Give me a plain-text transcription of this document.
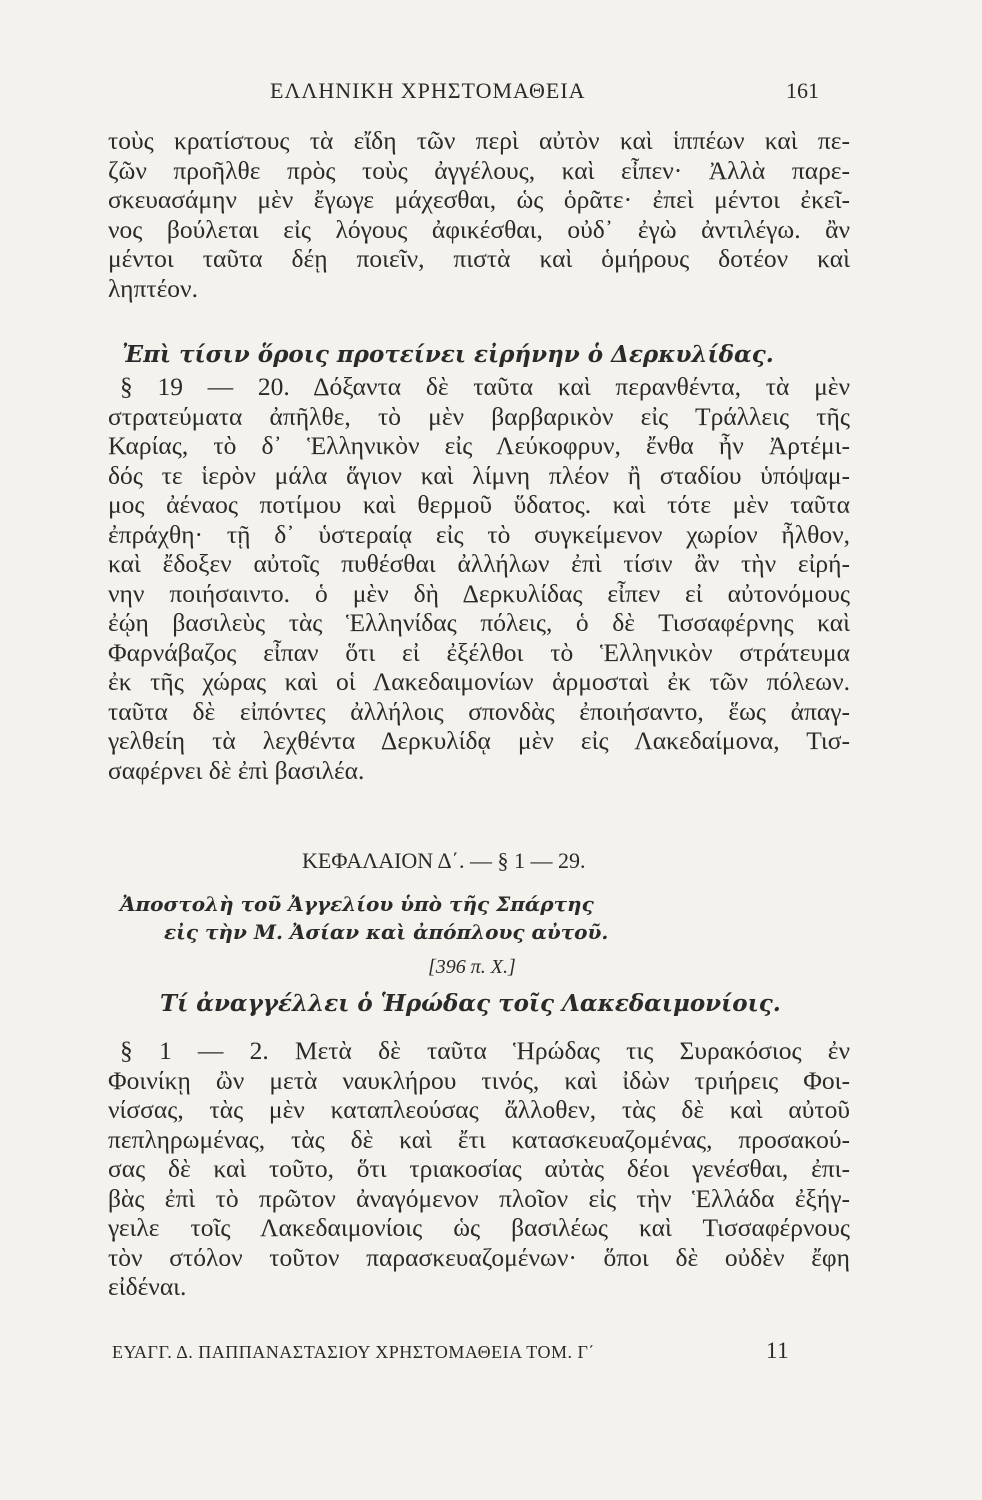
ΕΛΛΗΝΙΚΗ ΧΡΗΣΤΟΜΑΘΕΙΑ	161
τοὺς κρατίστους τὰ εἴδη τῶν περὶ αὐτὸν καὶ ἱππέων καὶ πε-
ζῶν προῆλθε πρὸς τοὺς ἀγγέλους, καὶ εἶπεν· Ἀλλὰ παρε-
σκευασάμην μὲν ἔγωγε μάχεσθαι, ὡς ὁρᾶτε· ἐπεὶ μέντοι ἐκεῖ-
νος βούλεται εἰς λόγους ἀφικέσθαι, οὐδ᾽ ἐγὼ ἀντιλέγω. ἂν
μέντοι ταῦτα δέῃ ποιεῖν, πιστὰ καὶ ὁμήρους δοτέον καὶ
ληπτέον.
Ἐπὶ τίσιν ὅροις προτείνει εἰρήνην ὁ Δερκυλίδας.
§ 19 — 20. Δόξαντα δὲ ταῦτα καὶ περανθέντα, τὰ μὲν
στρατεύματα ἀπῆλθε, τὸ μὲν βαρβαρικὸν εἰς Τράλλεις τῆς
Καρίας, τὸ δ᾽ Ἑλληνικὸν εἰς Λεύκοφρυν, ἔνθα ἦν Ἀρτέμι-
δός τε ἱερὸν μάλα ἅγιον καὶ λίμνη πλέον ἢ σταδίου ὑπόψαμ-
μος ἀέναος ποτίμου καὶ θερμοῦ ὕδατος. καὶ τότε μὲν ταῦτα
ἐπράχθη· τῇ δ᾽ ὑστεραίᾳ εἰς τὸ συγκείμενον χωρίον ἦλθον,
καὶ ἔδοξεν αὐτοῖς πυθέσθαι ἀλλήλων ἐπὶ τίσιν ἂν τὴν εἰρή-
νην ποιήσαιντο. ὁ μὲν δὴ Δερκυλίδας εἶπεν εἰ αὐτονόμους
ἐῴη βασιλεὺς τὰς Ἑλληνίδας πόλεις, ὁ δὲ Τισσαφέρνης καὶ
Φαρνάβαζος εἶπαν ὅτι εἰ ἐξέλθοι τὸ Ἑλληνικὸν στράτευμα
ἐκ τῆς χώρας καὶ οἱ Λακεδαιμονίων ἁρμοσταὶ ἐκ τῶν πόλεων.
ταῦτα δὲ εἰπόντες ἀλλήλοις σπονδὰς ἐποιήσαντο, ἕως ἀπαγ-
γελθείη τὰ λεχθέντα Δερκυλίδᾳ μὲν εἰς Λακεδαίμονα, Τισ-
σαφέρνει δὲ ἐπὶ βασιλέα.
ΚΕΦΑΛΑΙΟΝ Δ΄. — § 1 — 29.
Ἀποστολὴ τοῦ Ἀγγελίου ὑπὸ τῆς Σπάρτης
εἰς τὴν Μ. Ἀσίαν καὶ ἀπόπλους αὐτοῦ.
[396 π. Χ.]
Τί ἀναγγέλλει ὁ Ἡρώδας τοῖς Λακεδαιμονίοις.
§ 1 — 2. Μετὰ δὲ ταῦτα Ἡρώδας τις Συρακόσιος ἐν
Φοινίκῃ ὢν μετὰ ναυκλήρου τινός, καὶ ἰδὼν τριήρεις Φοι-
νίσσας, τὰς μὲν καταπλεούσας ἄλλοθεν, τὰς δὲ καὶ αὐτοῦ
πεπληρωμένας, τὰς δὲ καὶ ἔτι κατασκευαζομένας, προσακού-
σας δὲ καὶ τοῦτο, ὅτι τριακοσίας αὐτὰς δέοι γενέσθαι, ἐπι-
βὰς ἐπὶ τὸ πρῶτον ἀναγόμενον πλοῖον εἰς τὴν Ἑλλάδα ἐξήγ-
γειλε τοῖς Λακεδαιμονίοις ὡς βασιλέως καὶ Τισσαφέρνους
τὸν στόλον τοῦτον παρασκευαζομένων· ὅποι δὲ οὐδὲν ἔφη
εἰδέναι.
ΕΥΑΓΓ. Δ. ΠΑΠΠΑΝΑΣΤΑΣΙΟΥ ΧΡΗΣΤΟΜΑΘΕΙΑ ΤΟΜ. Γ΄	11
